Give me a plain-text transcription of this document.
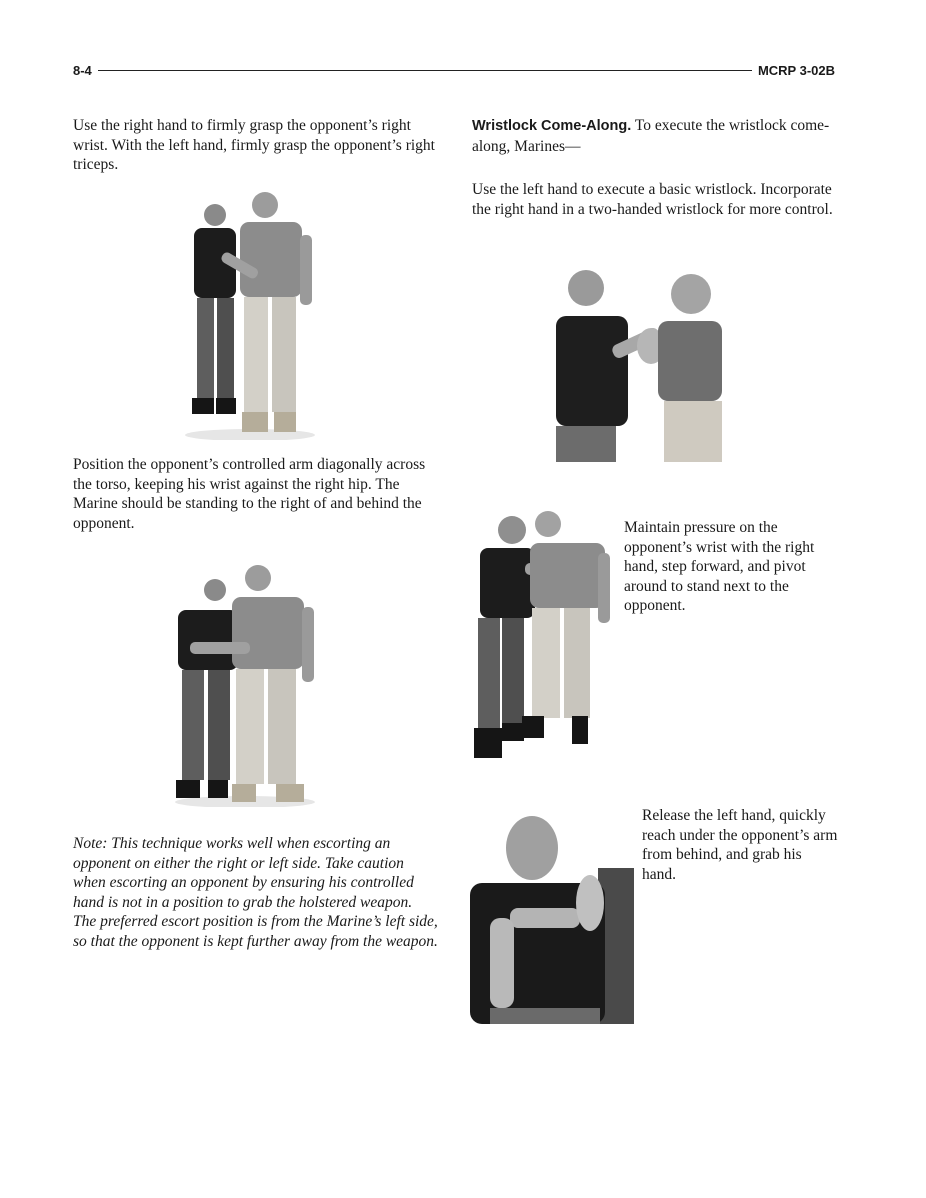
8-4	MCRP 3-02B

Use the right hand to firmly grasp the opponent’s right wrist. With the left hand, firmly grasp the opponent’s right triceps.

Position the opponent’s controlled arm diagonally across the torso, keeping his wrist against the right hip. The Marine should be standing to the right of and behind the opponent.

Note: This technique works well when escorting an opponent on either the right or left side. Take caution when escorting an opponent by ensuring his controlled hand is not in a position to grab the holstered weapon. The preferred escort position is from the Marine’s left side, so that the opponent is kept further away from the weapon.

Wristlock Come-Along. To execute the wristlock come-along, Marines—

Use the left hand to execute a basic wristlock. Incorporate the right hand in a two-handed wristlock for more control.

Maintain pressure on the opponent’s wrist with the right hand, step forward, and pivot around to stand next to the opponent.

Release the left hand, quickly reach under the opponent’s arm from behind, and grab his hand.
